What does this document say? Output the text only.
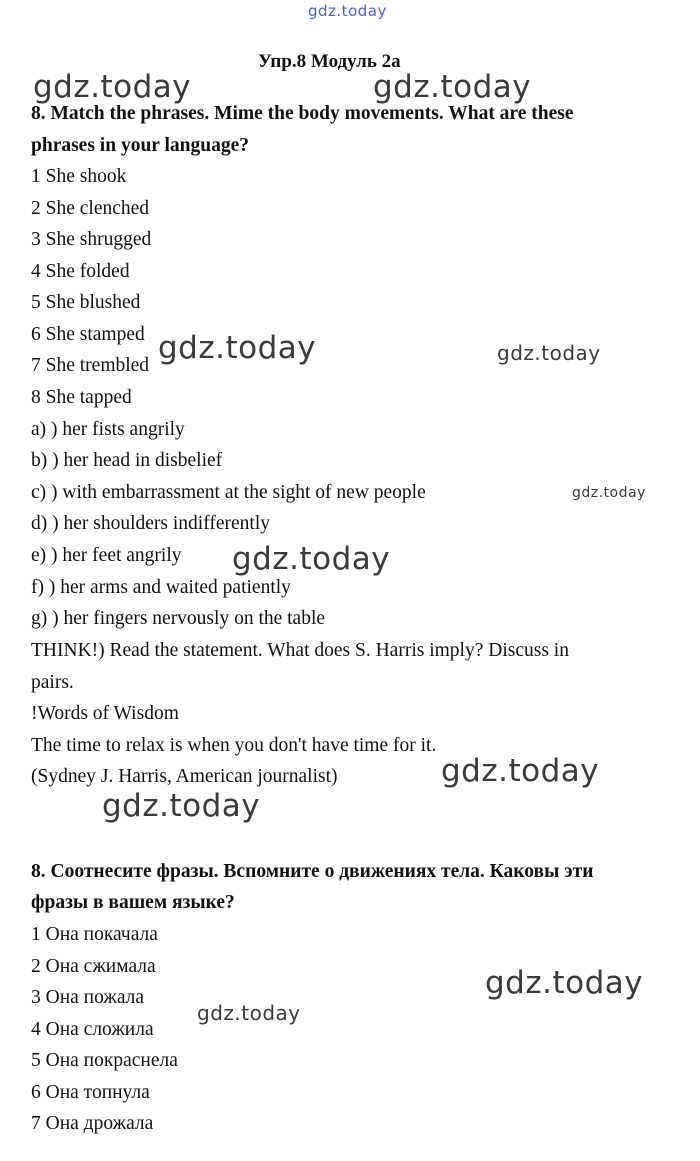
gdz.today
Упр.8 Модуль 2а
8. Match the phrases. Mime the body movements. What are these
phrases in your language?
1 She shook
2 She clenched
3 She shrugged
4 She folded
5 She blushed
6 She stamped
7 She trembled
8 She tapped
a) ) her fists angrily
b) ) her head in disbelief
c) ) with embarrassment at the sight of new people
d) ) her shoulders indifferently
e) ) her feet angrily
f) ) her arms and waited patiently
g) ) her fingers nervously on the table
THINK!) Read the statement. What does S. Harris imply? Discuss in
pairs.
!Words of Wisdom
The time to relax is when you don't have time for it.
(Sydney J. Harris, American journalist)
8. Соотнесите фразы. Вспомните о движениях тела. Каковы эти
фразы в вашем языке?
1 Она покачала
2 Она сжимала
3 Она пожала
4 Она сложила
5 Она покраснела
6 Она топнула
7 Она дрожала
gdz.today	gdz.today
gdz.today	gdz.today
gdz.today
gdz.today
gdz.today
gdz.today
gdz.today
gdz.today
